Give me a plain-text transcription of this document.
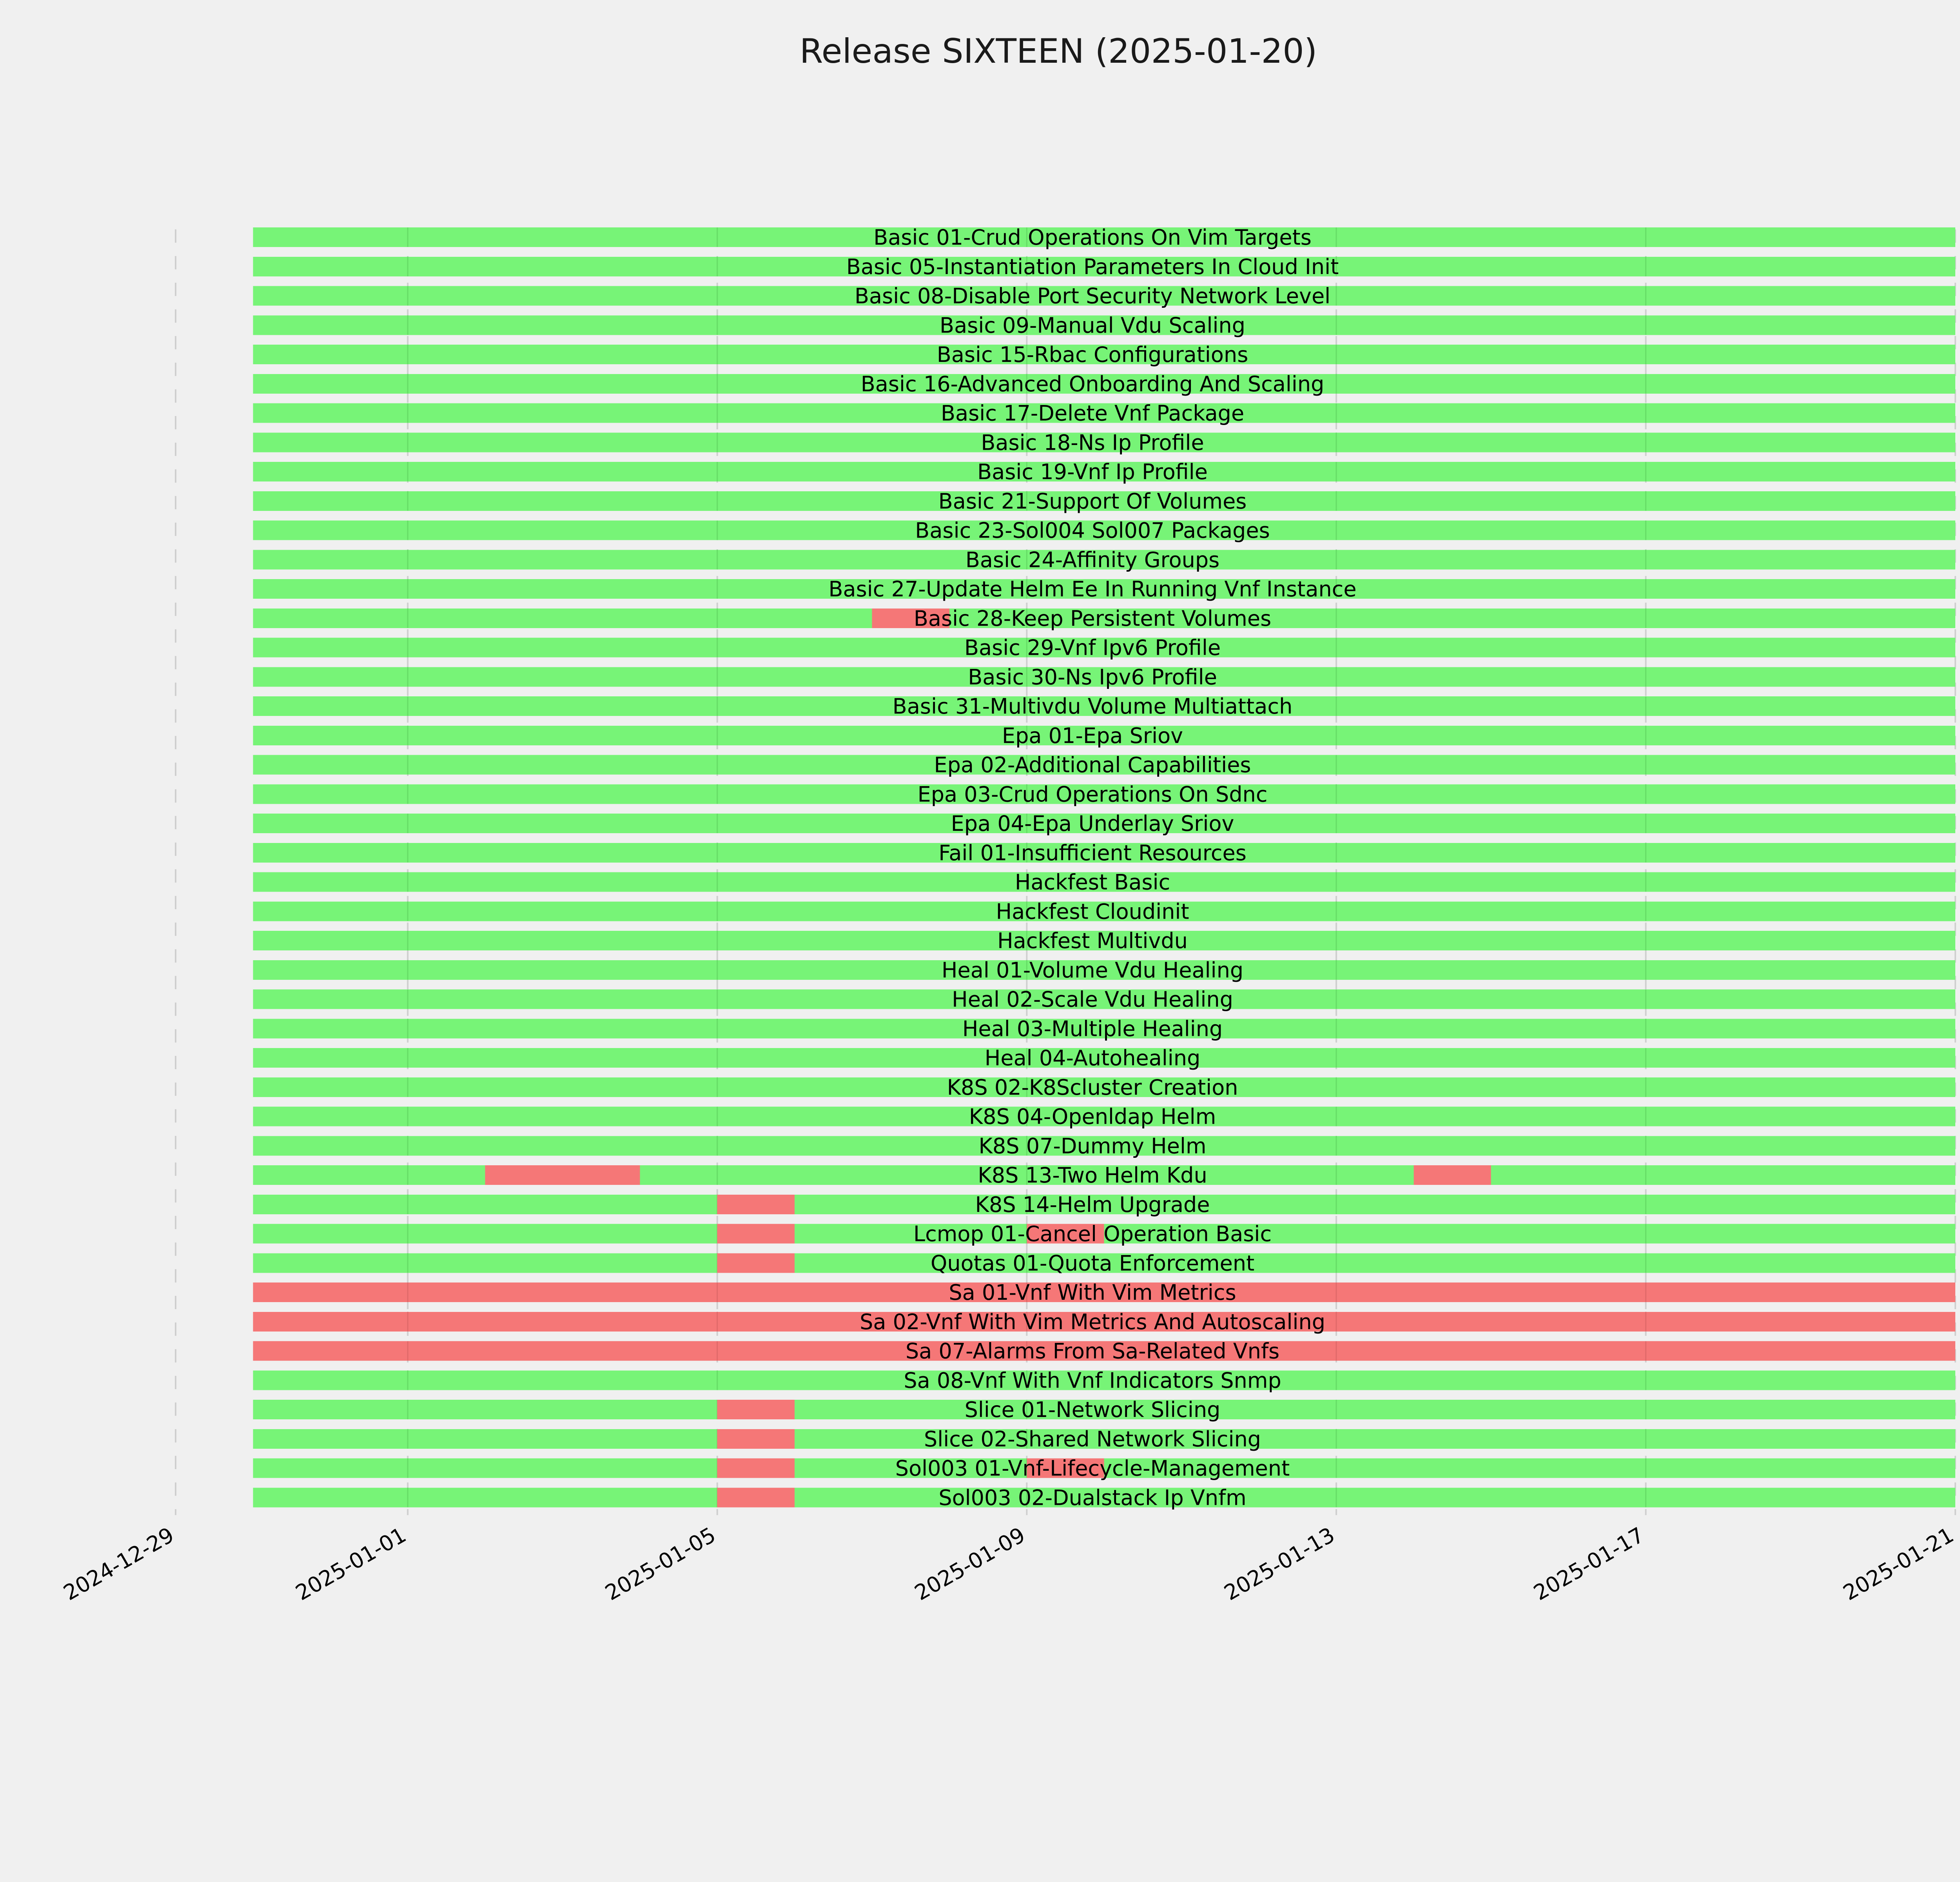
Release SIXTEEN (2025-01-20)
Basic 01-Crud Operations On Vim Targets
Basic 05-Instantiation Parameters In Cloud Init
Basic 08-Disable Port Security Network Level
Basic 09-Manual Vdu Scaling
Basic 15-Rbac Configurations
Basic 16-Advanced Onboarding And Scaling
Basic 17-Delete Vnf Package
Basic 18-Ns Ip Profile
Basic 19-Vnf Ip Profile
Basic 21-Support Of Volumes
Basic 23-Sol004 Sol007 Packages
Basic 24-Affinity Groups
Basic 27-Update Helm Ee In Running Vnf Instance
Basic 28-Keep Persistent Volumes
Basic 29-Vnf Ipv6 Profile
Basic 30-Ns Ipv6 Profile
Basic 31-Multivdu Volume Multiattach
Epa 01-Epa Sriov
Epa 02-Additional Capabilities
Epa 03-Crud Operations On Sdnc
Epa 04-Epa Underlay Sriov
Fail 01-Insufficient Resources
Hackfest Basic
Hackfest Cloudinit
Hackfest Multivdu
Heal 01-Volume Vdu Healing
Heal 02-Scale Vdu Healing
Heal 03-Multiple Healing
Heal 04-Autohealing
K8S 02-K8Scluster Creation
K8S 04-Openldap Helm
K8S 07-Dummy Helm
K8S 13-Two Helm Kdu
K8S 14-Helm Upgrade
Lcmop 01-Cancel Operation Basic
Quotas 01-Quota Enforcement
Sa 01-Vnf With Vim Metrics
Sa 02-Vnf With Vim Metrics And Autoscaling
Sa 07-Alarms From Sa-Related Vnfs
Sa 08-Vnf With Vnf Indicators Snmp
Slice 01-Network Slicing
Slice 02-Shared Network Slicing
Sol003 01-Vnf-Lifecycle-Management
Sol003 02-Dualstack Ip Vnfm
2024-12-29	2025-01-01	2025-01-05	2025-01-09	2025-01-13	2025-01-17	2025-01-21
